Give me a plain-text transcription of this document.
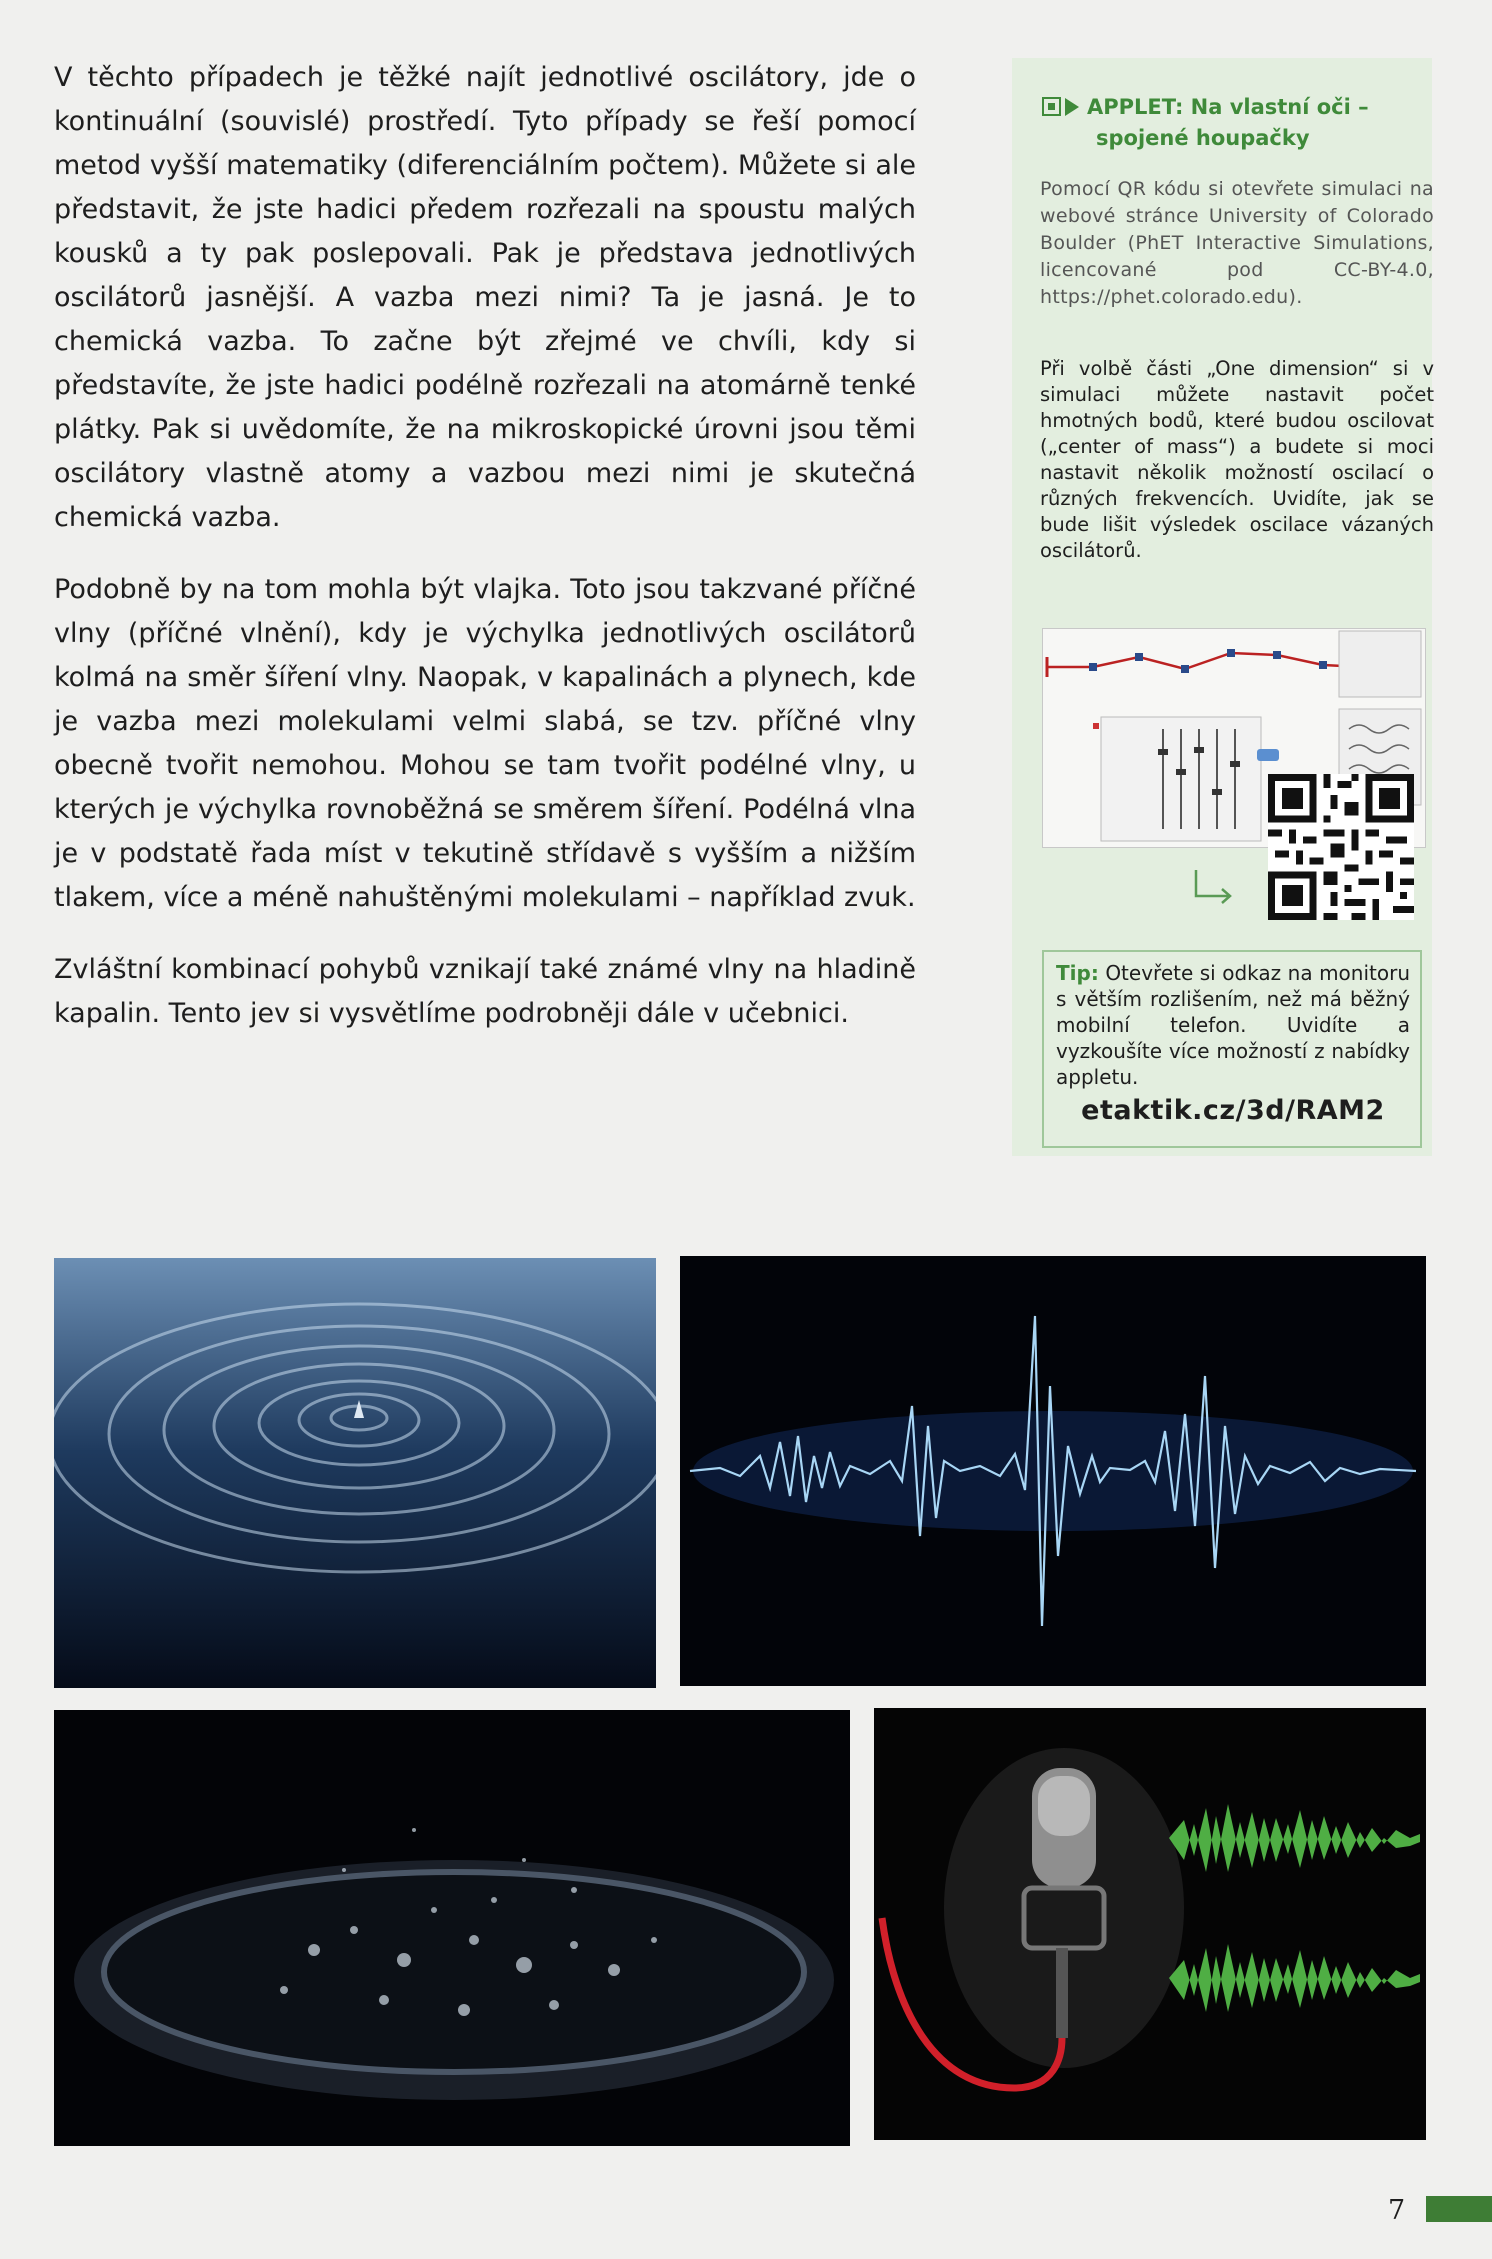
V těchto případech je těžké najít jednotlivé oscilátory, jde o kontinuální (souvislé) prostředí. Tyto případy se řeší pomocí metod vyšší matematiky (diferenciálním počtem). Můžete si ale představit, že jste hadici předem rozřezali na spoustu malých kousků a ty pak poslepovali. Pak je představa jednotlivých oscilátorů jasnější. A vazba mezi nimi? Ta je jasná. Je to chemická vazba. To začne být zřejmé ve chvíli, kdy si představíte, že jste hadici podélně rozřezali na atomárně tenké plátky. Pak si uvědomíte, že na mikroskopické úrovni jsou těmi oscilátory vlastně atomy a vazbou mezi nimi je skutečná chemická vazba.

Podobně by na tom mohla být vlajka. Toto jsou takzvané příčné vlny (příčné vlnění), kdy je výchylka jednotlivých oscilátorů kolmá na směr šíření vlny. Naopak, v kapalinách a plynech, kde je vazba mezi molekulami velmi slabá, se tzv. příčné vlny obecně tvořit nemohou. Mohou se tam tvořit podélné vlny, u kterých je výchylka rovnoběžná se směrem šíření. Podélná vlna je v podstatě řada míst v tekutině střídavě s vyšším a nižším tlakem, více a méně nahuštěnými molekulami – například zvuk.

Zvláštní kombinací pohybů vznikají také známé vlny na hladině kapalin. Tento jev si vysvětlíme podrobněji dále v učebnici.

APPLET: Na vlastní oči –
spojené houpačky
Pomocí QR kódu si otevřete simulaci na webové stránce University of Colorado Boulder (PhET Interactive Simulations, licencované pod CC-BY-4.0, https://phet.colorado.edu).
Při volbě části „One dimension“ si v simulaci můžete nastavit počet hmotných bodů, které budou oscilovat („center of mass“) a budete si moci nastavit několik možností oscilací o různých frekvencích. Uvidíte, jak se bude lišit výsledek oscilace vázaných oscilátorů.
Tip: Otevřete si odkaz na monitoru s větším rozlišením, než má běžný mobilní telefon. Uvidíte a vyzkoušíte více možností z nabídky appletu.
etaktik.cz/3d/RAM2
7
